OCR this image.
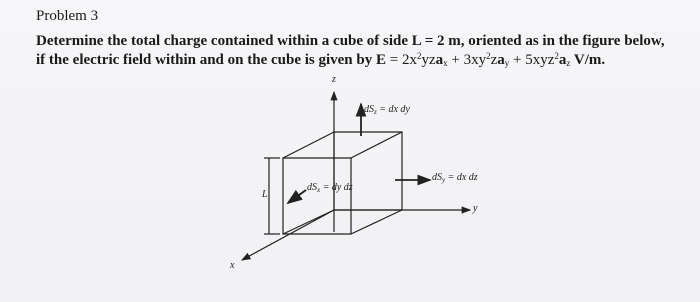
Problem 3
Determine the total charge contained within a cube of side L = 2 m, oriented as in the figure below,
if the electric field within and on the cube is given by $E = 2x^2yza_x + 3xy^2za_y + 5xyz^2a_z$ V/m.
z
y
x
L
$dS_z$ = dx dy
$dS_y$ = dx dz
$dS_x$ = dy dz
